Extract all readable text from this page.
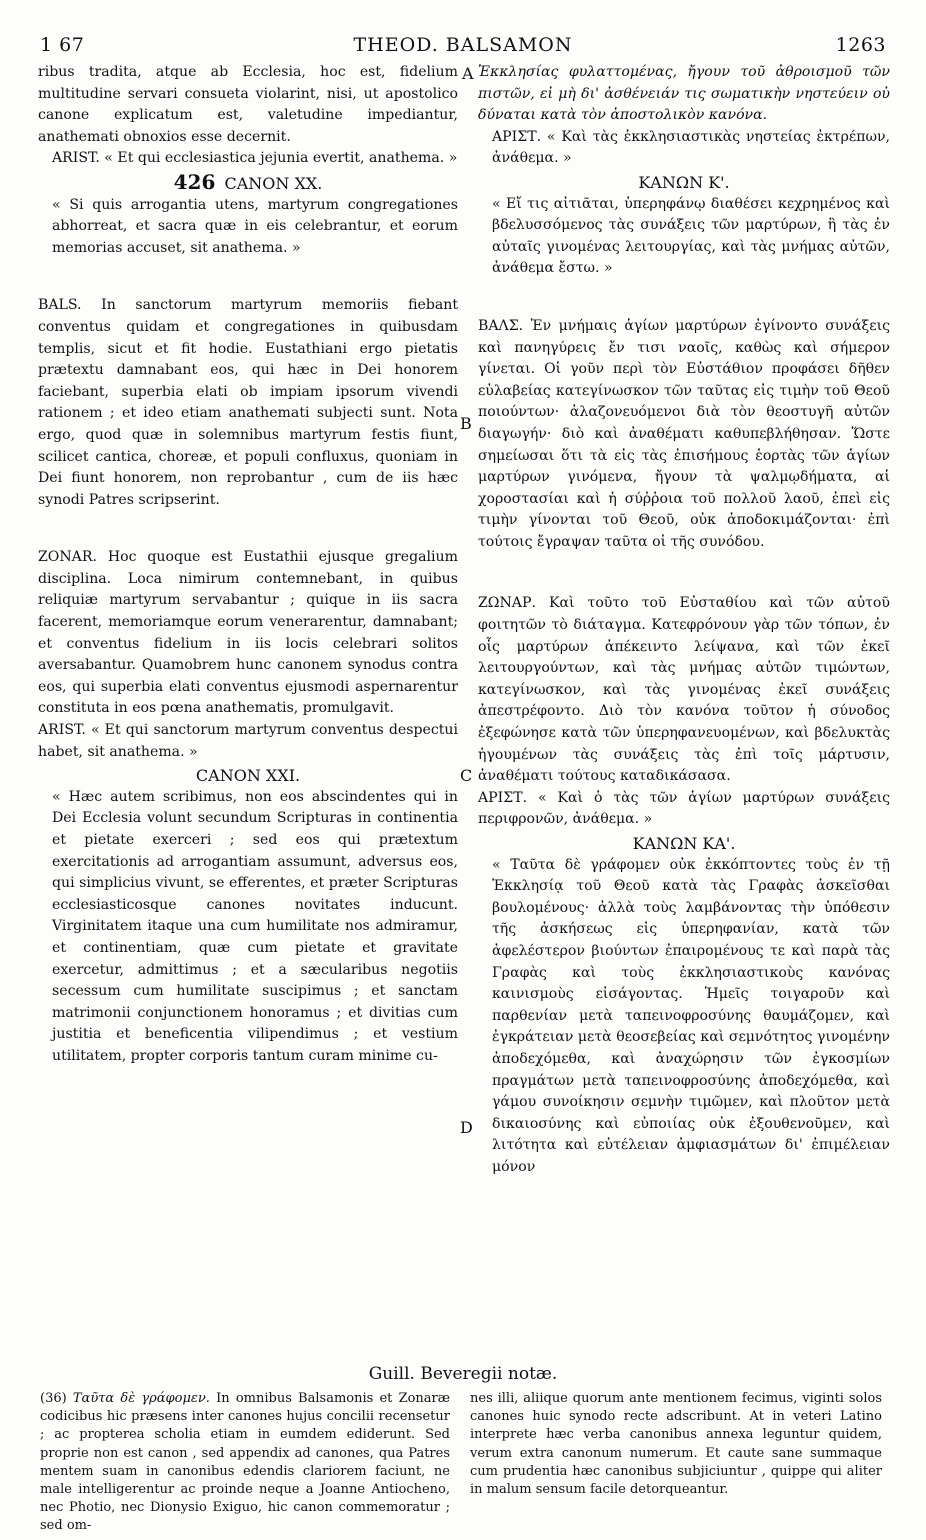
1 67	THEOD. BALSAMON	1263
A
B
C
D

ribus tradita, atque ab Ecclesia, hoc est, fidelium multitudine servari consueta violarint, nisi, ut apostolico canone explicatum est, valetudine impediantur, anathemati obnoxios esse decernit.

ARIST. « Et qui ecclesiastica jejunia evertit, anathema. »

426 CANON XX.

« Si quis arrogantia utens, martyrum congregationes abhorreat, et sacra quæ in eis celebrantur, et eorum memorias accuset, sit anathema. »

BALS. In sanctorum martyrum memoriis fiebant conventus quidam et congregationes in quibusdam templis, sicut et fit hodie. Eustathiani ergo pietatis prætextu damnabant eos, qui hæc in Dei honorem faciebant, superbia elati ob impiam ipsorum vivendi rationem ; et ideo etiam anathemati subjecti sunt. Nota ergo, quod quæ in solemnibus martyrum festis fiunt, scilicet cantica, choreæ, et populi confluxus, quoniam in Dei fiunt honorem, non reprobantur , cum de iis hæc synodi Patres scripserint.

ZONAR. Hoc quoque est Eustathii ejusque gregalium disciplina. Loca nimirum contemnebant, in quibus reliquiæ martyrum servabantur ; quique in iis sacra facerent, memoriamque eorum venerarentur, damnabant; et conventus fidelium in iis locis celebrari solitos aversabantur. Quamobrem hunc canonem synodus contra eos, qui superbia elati conventus ejusmodi aspernarentur constituta in eos pœna anathematis, promulgavit.

ARIST. « Et qui sanctorum martyrum conventus despectui habet, sit anathema. »

CANON XXI.

« Hæc autem scribimus, non eos abscindentes qui in Dei Ecclesia volunt secundum Scripturas in continentia et pietate exerceri ; sed eos qui prætextum exercitationis ad arrogantiam assumunt, adversus eos, qui simplicius vivunt, se efferentes, et præter Scripturas ecclesiasticosque canones novitates inducunt. Virginitatem itaque una cum humilitate nos admiramur, et continentiam, quæ cum pietate et gravitate exercetur, admittimus ; et a sæcularibus negotiis secessum cum humilitate suscipimus ; et sanctam matrimonii conjunctionem honoramus ; et divitias cum justitia et beneficentia vilipendimus ; et vestium utilitatem, propter corporis tantum curam minime cu-

Ἐκκλησίας φυλαττομένας, ἤγουν τοῦ ἀθροισμοῦ τῶν πιστῶν, εἰ μὴ δι' ἀσθένειάν τις σωματικὴν νηστεύειν οὐ δύναται κατὰ τὸν ἀποστολικὸν κανόνα.

ΑΡΙΣΤ. « Καὶ τὰς ἐκκλησιαστικὰς νηστείας ἐκτρέπων, ἀνάθεμα. »

ΚΑΝΩΝ Κ'.

« Εἴ τις αἰτιᾶται, ὑπερηφάνῳ διαθέσει κεχρημένος καὶ βδελυσσόμενος τὰς συνάξεις τῶν μαρτύρων, ἢ τὰς ἐν αὐταῖς γινομένας λειτουργίας, καὶ τὰς μνήμας αὐτῶν, ἀνάθεμα ἔστω. »

ΒΑΛΣ. Ἐν μνήμαις ἁγίων μαρτύρων ἐγίνοντο συνάξεις καὶ πανηγύρεις ἔν τισι ναοῖς, καθὼς καὶ σήμερον γίνεται. Οἱ γοῦν περὶ τὸν Εὐστάθιον προφάσει δῆθεν εὐλαβείας κατεγίνωσκον τῶν ταῦτας εἰς τιμὴν τοῦ Θεοῦ ποιούντων· ἀλαζονευόμενοι διὰ τὸν θεοστυγῆ αὐτῶν διαγωγήν· διὸ καὶ ἀναθέματι καθυπεβλήθησαν. Ὥστε σημείωσαι ὅτι τὰ εἰς τὰς ἐπισήμους ἑορτὰς τῶν ἁγίων μαρτύρων γινόμενα, ἤγουν τὰ ψαλμῳδήματα, αἱ χοροστασίαι καὶ ἡ σύῤῥοια τοῦ πολλοῦ λαοῦ, ἐπεὶ εἰς τιμὴν γίνονται τοῦ Θεοῦ, οὐκ ἀποδοκιμάζονται· ἐπὶ τούτοις ἔγραψαν ταῦτα οἱ τῆς συνόδου.

ΖΩΝΑΡ. Καὶ τοῦτο τοῦ Εὐσταθίου καὶ τῶν αὐτοῦ φοιτητῶν τὸ διάταγμα. Κατεφρόνουν γὰρ τῶν τόπων, ἐν οἷς μαρτύρων ἀπέκειντο λείψανα, καὶ τῶν ἐκεῖ λειτουργούντων, καὶ τὰς μνήμας αὐτῶν τιμώντων, κατεγίνωσκον, καὶ τὰς γινομένας ἐκεῖ συνάξεις ἀπεστρέφοντο. Διὸ τὸν κανόνα τοῦτον ἡ σύνοδος ἐξεφώνησε κατὰ τῶν ὑπερηφανευομένων, καὶ βδελυκτὰς ἡγουμένων τὰς συνάξεις τὰς ἐπὶ τοῖς μάρτυσιν, ἀναθέματι τούτους καταδικάσασα.

ΑΡΙΣΤ. « Καὶ ὁ τὰς τῶν ἁγίων μαρτύρων συνάξεις περιφρονῶν, ἀνάθεμα. »

ΚΑΝΩΝ ΚΑ'.

« Ταῦτα δὲ γράφομεν οὐκ ἐκκόπτοντες τοὺς ἐν τῇ Ἐκκλησίᾳ τοῦ Θεοῦ κατὰ τὰς Γραφὰς ἀσκεῖσθαι βουλομένους· ἀλλὰ τοὺς λαμβάνοντας τὴν ὑπόθεσιν τῆς ἀσκήσεως εἰς ὑπερηφανίαν, κατὰ τῶν ἀφελέστερον βιούντων ἐπαιρομένους τε καὶ παρὰ τὰς Γραφὰς καὶ τοὺς ἐκκλησιαστικοὺς κανόνας καινισμοὺς εἰσάγοντας. Ἡμεῖς τοιγαροῦν καὶ παρθενίαν μετὰ ταπεινοφροσύνης θαυμάζομεν, καὶ ἐγκράτειαν μετὰ θεοσεβείας καὶ σεμνότητος γινομένην ἀποδεχόμεθα, καὶ ἀναχώρησιν τῶν ἐγκοσμίων πραγμάτων μετὰ ταπεινοφροσύνης ἀποδεχόμεθα, καὶ γάμου συνοίκησιν σεμνὴν τιμῶμεν, καὶ πλοῦτον μετὰ δικαιοσύνης καὶ εὐποιίας οὐκ ἐξουθενοῦμεν, καὶ λιτότητα καὶ εὐτέλειαν ἀμφιασμάτων δι' ἐπιμέλειαν μόνον

Guill. Beveregii notæ.

(36) Ταῦτα δὲ γράφομεν. In omnibus Balsamonis et Zonaræ codicibus hic præsens inter canones hujus concilii recensetur ; ac propterea scholia etiam in eumdem ediderunt. Sed proprie non est canon , sed appendix ad canones, qua Patres mentem suam in canonibus edendis clariorem faciunt, ne male intelligerentur ac proinde neque a Joanne Antiocheno, nec Photio, nec Dionysio Exiguo, hic canon commemoratur ; sed om-

nes illi, aliique quorum ante mentionem fecimus, viginti solos canones huic synodo recte adscribunt. At in veteri Latino interprete hæc verba canonibus annexa leguntur quidem, verum extra canonum numerum. Et caute sane summaque cum prudentia hæc canonibus subjiciuntur , quippe qui aliter in malum sensum facile detorqueantur.
